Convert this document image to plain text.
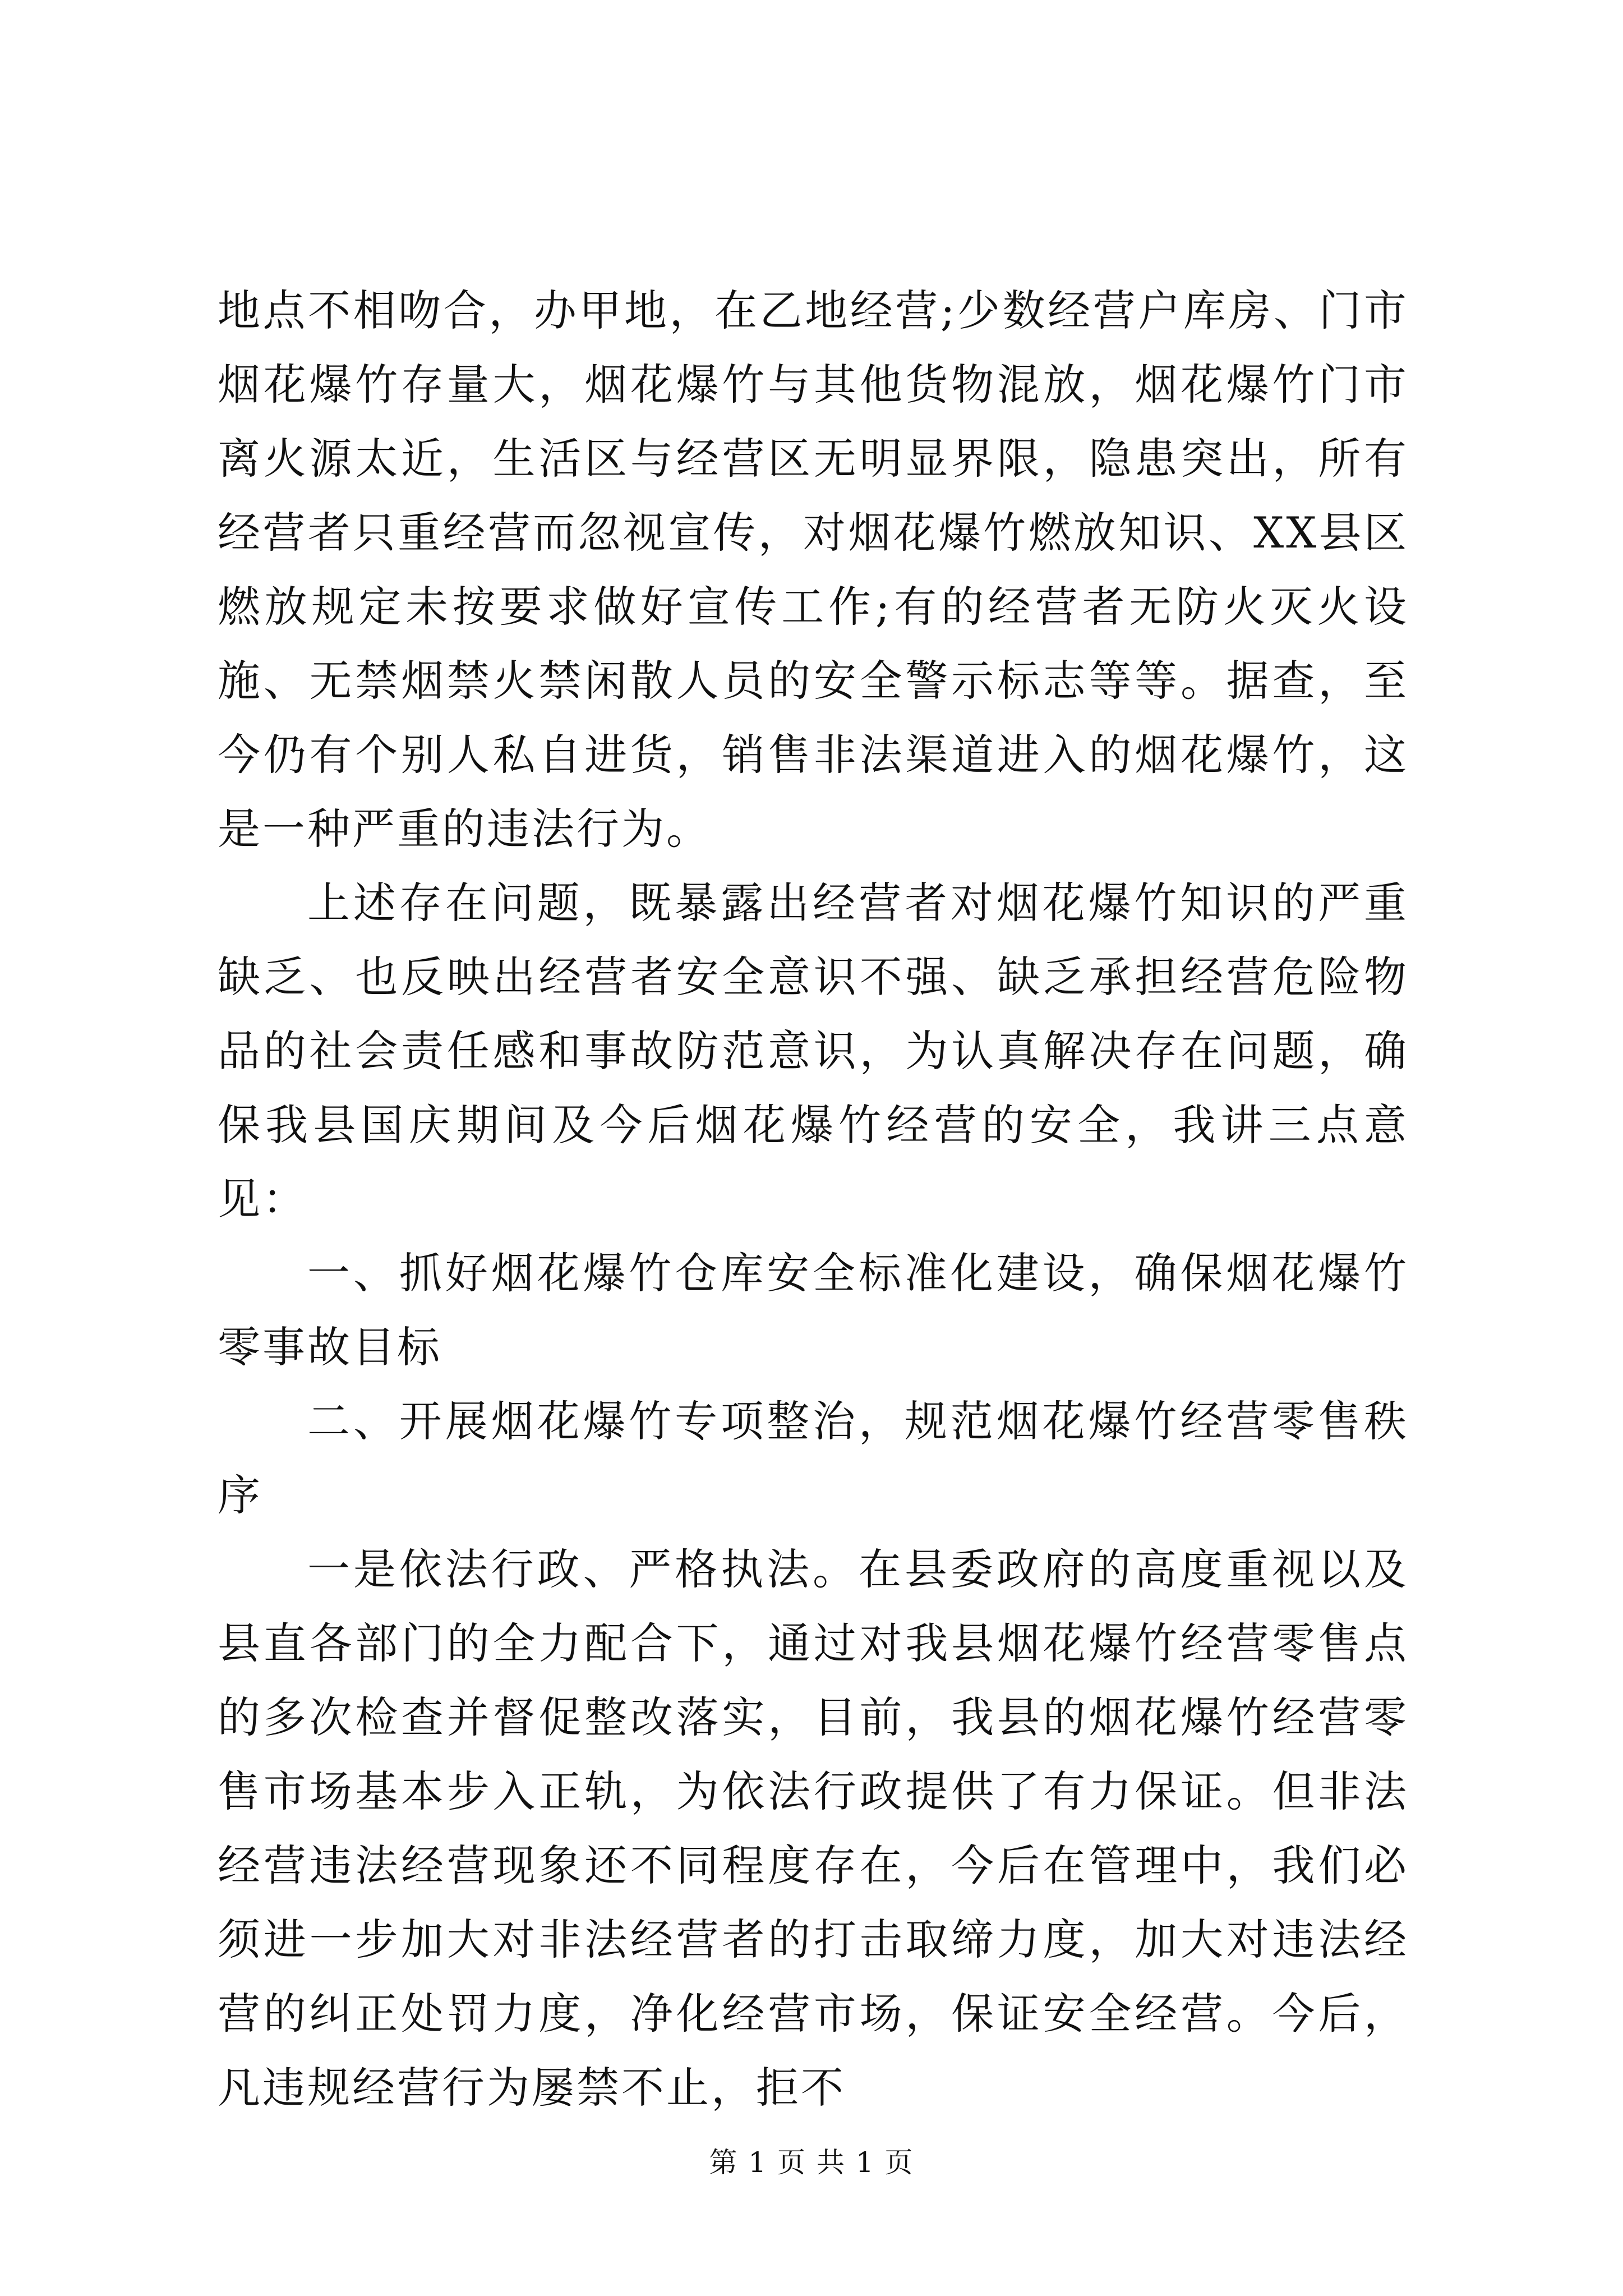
地点不相吻合，办甲地，在乙地经营;少数经营户库房、门市烟花爆竹存量大，烟花爆竹与其他货物混放，烟花爆竹门市离火源太近，生活区与经营区无明显界限，隐患突出，所有经营者只重经营而忽视宣传，对烟花爆竹燃放知识、XX县区燃放规定未按要求做好宣传工作;有的经营者无防火灭火设施、无禁烟禁火禁闲散人员的安全警示标志等等。据查，至今仍有个别人私自进货，销售非法渠道进入的烟花爆竹，这是一种严重的违法行为。

上述存在问题，既暴露出经营者对烟花爆竹知识的严重缺乏、也反映出经营者安全意识不强、缺乏承担经营危险物品的社会责任感和事故防范意识，为认真解决存在问题，确保我县国庆期间及今后烟花爆竹经营的安全，我讲三点意见：

一、抓好烟花爆竹仓库安全标准化建设，确保烟花爆竹零事故目标

二、开展烟花爆竹专项整治，规范烟花爆竹经营零售秩序

一是依法行政、严格执法。在县委政府的高度重视以及县直各部门的全力配合下，通过对我县烟花爆竹经营零售点的多次检查并督促整改落实，目前，我县的烟花爆竹经营零售市场基本步入正轨，为依法行政提供了有力保证。但非法经营违法经营现象还不同程度存在，今后在管理中，我们必须进一步加大对非法经营者的打击取缔力度，加大对违法经营的纠正处罚力度，净化经营市场，保证安全经营。今后，凡违规经营行为屡禁不止，拒不

第 1 页 共 1 页
